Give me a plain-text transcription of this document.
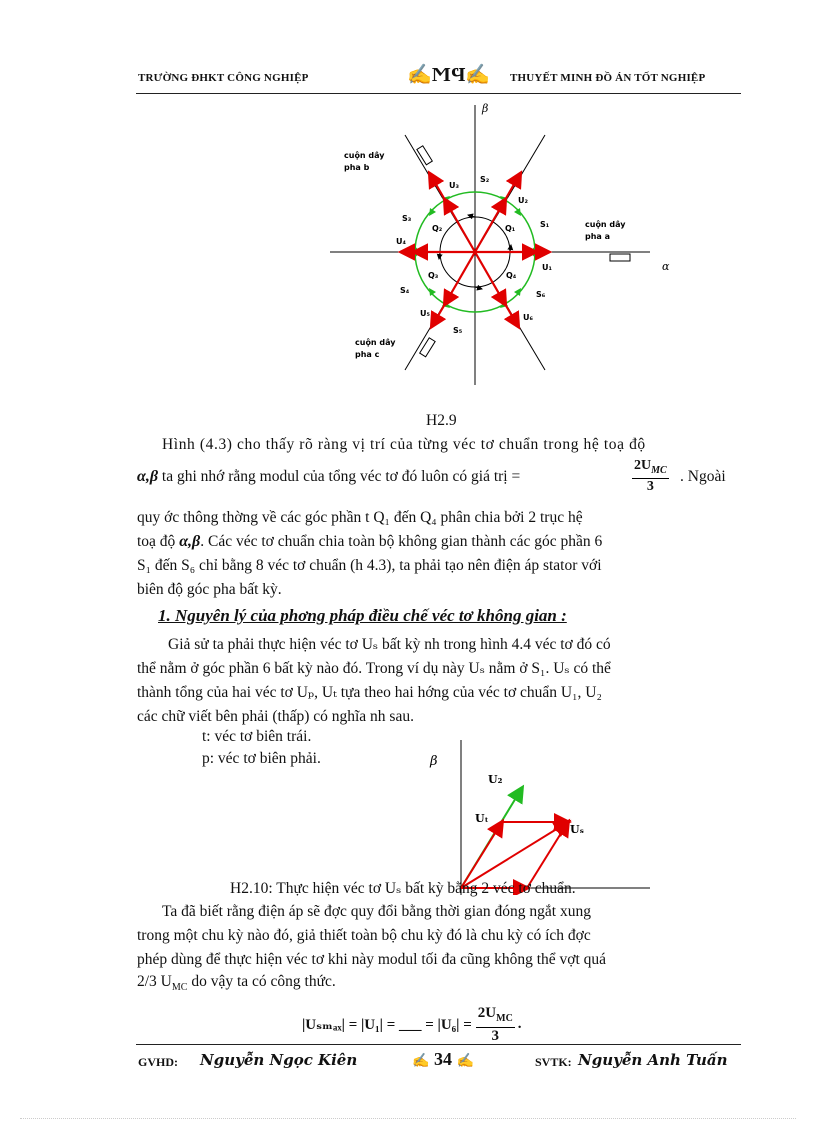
TRƯỜNG ĐHKT CÔNG NGHIỆP	✍ϺϤ✍ THUYẾT MINH ĐỒ ÁN TỐT NGHIỆP
β
α
cuộn dây
pha b
cuộn dây
pha a
cuộn dây
pha c
U₃
U₂
U₄
U₁
U₅	U₆
S₂
S₃
S₁
S₄	S₆
S₅
Q₂	Q₁
Q₃	Q₄
H2.9
Hình (4.3) cho thấy rõ ràng vị trí của từng véc tơ chuẩn trong hệ toạ độ
α,β ta ghi nhớ rằng modul của tổng véc tơ đó luôn có giá trị =
$2U_{MC}$
3
. Ngoài
quy ớc thông thờng về các góc phần t Q₁ đến Q₄ phân chia bởi 2 trục hệ
toạ độ α,β. Các véc tơ chuẩn chia toàn bộ không gian thành các góc phần 6
S₁ đến S₆ chỉ bằng 8 véc tơ chuẩn (h 4.3), ta phải tạo nên điện áp stator với
biên độ góc pha bất kỳ.
1. Nguyên lý của phơng pháp điều chế véc tơ không gian :
Giả sử ta phải thực hiện véc tơ Uₛ bất kỳ nh trong hình 4.4 véc tơ đó có
thể nằm ở góc phần 6 bất kỳ nào đó. Trong ví dụ này Uₛ nằm ở S₁. Uₛ có thể
thành tổng của hai véc tơ Uₚ, Uₜ tựa theo hai hớng của véc tơ chuẩn U₁, U₂
các chữ viết bên phải (thấp) có nghĩa nh sau.
t: véc tơ biên trái.
p: véc tơ biên phải.	β
U₂
Uₜ
Uₛ
H2.10: Thực hiện véc tơ Uₛ bất kỳ bằng 2 véc tơ chuẩn.
Ta đã biết rằng điện áp sẽ đợc quy đổi bằng thời gian đóng ngắt xung
trong một chu kỳ nào đó, giả thiết toàn bộ chu kỳ đó là chu kỳ có ích đợc
phép dùng để thực hiện véc tơ khi này modul tối đa cũng không thể vợt quá
2/3 $U_{MC}$ do vậy ta có công thức.
|Uₛₘₐₓ| = |U₁| = ___ = |U₆| =
$2U_{MC}$
3
.
GVHD: Nguyễn Ngọc Kiên	✍ 34 ✍	SVTK: Nguyễn Anh Tuấn
